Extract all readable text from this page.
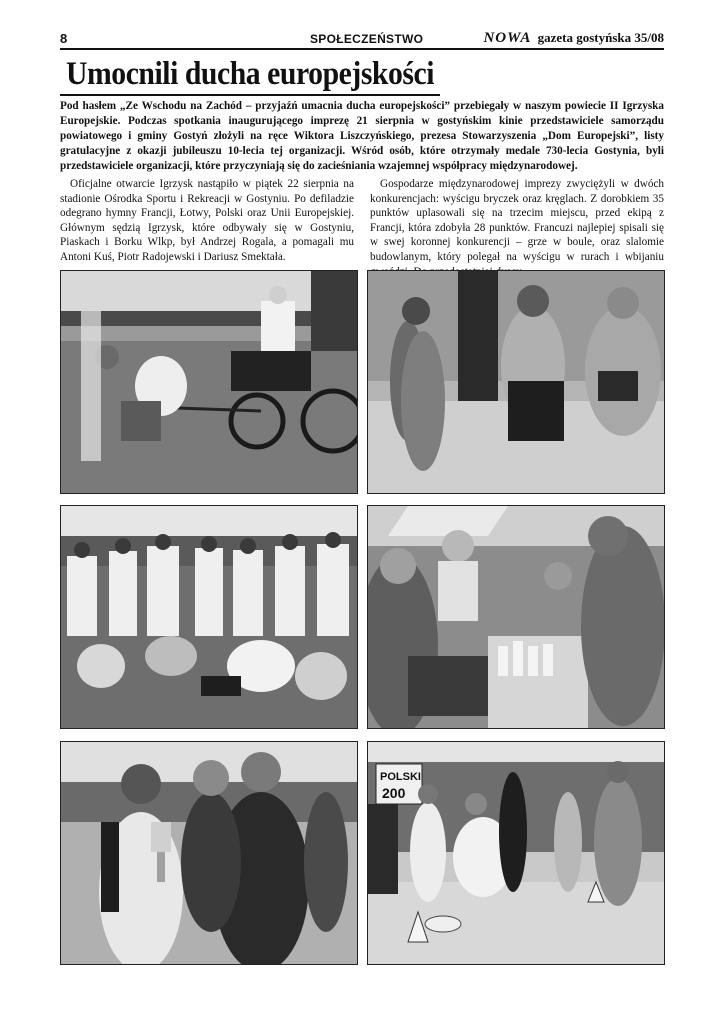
8	SPOŁECZEŃSTWO	NOWA gazeta gostyńska 35/08
Umocnili ducha europejskości

Pod hasłem „Ze Wschodu na Zachód – przyjaźń umacnia ducha europejskości” przebiegały w naszym powiecie II Igrzyska Europejskie. Podczas spotkania inaugurującego imprezę 21 sierpnia w gostyńskim kinie przedstawiciele samorządu powiatowego i gminy Gostyń złożyli na ręce Wiktora Liszczyńskiego, prezesa Stowarzyszenia „Dom Europejski”, listy gratulacyjne z okazji jubileuszu 10-lecia tej organizacji. Wśród osób, które otrzymały medale 730-lecia Gostynia, byli przedstawiciele organizacji, które przyczyniają się do zacieśniania wzajemnej współpracy międzynarodowej.

Oficjalne otwarcie Igrzysk nastąpiło w piątek 22 sierpnia na stadionie Ośrodka Sportu i Rekreacji w Gostyniu. Po defiladzie odegrano hymny Francji, Łotwy, Polski oraz Unii Europejskiej. Głównym sędzią Igrzysk, które odbywały się w Gostyniu, Piaskach i Borku Wlkp, był Andrzej Rogala, a pomagali mu Antoni Kuś, Piotr Radojewski i Dariusz Smektała.

Gospodarze międzynarodowej imprezy zwyciężyli w dwóch konkurencjach: wyścigu bryczek oraz kręglach. Z dorobkiem 35 punktów uplasowali się na trzecim miejscu, przed ekipą z Francji, która zdobyła 28 punktów. Francuzi najlepiej spisali się w swej koronnej konkurencji – grze w boule, oraz slalomie budowlanym, który polegał na wyścigu w rurach i wbijaniu

POLSKI
200
